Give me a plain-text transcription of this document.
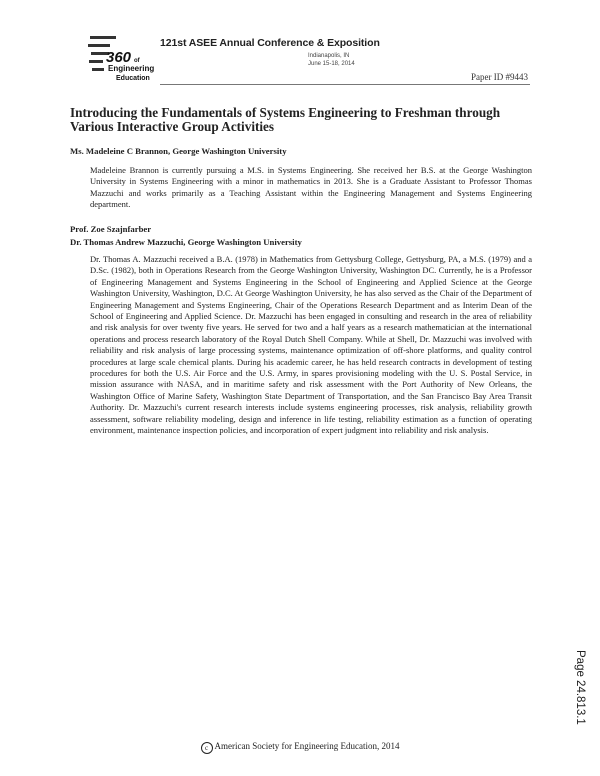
360 of
Engineering
Education
121st ASEE Annual Conference & Exposition
Indianapolis, IN
June 15-18, 2014
Paper ID #9443
Introducing the Fundamentals of Systems Engineering to Freshman through Various Interactive Group Activities
Ms. Madeleine C Brannon, George Washington University

Madeleine Brannon is currently pursuing a M.S. in Systems Engineering. She received her B.S. at the George Washington University in Systems Engineering with a minor in mathematics in 2013. She is a Graduate Assistant to Professor Thomas Mazzuchi and works primarily as a Teaching Assistant within the Engineering Management and Systems Engineering department.

Prof. Zoe Szajnfarber
Dr. Thomas Andrew Mazzuchi, George Washington University

Dr. Thomas A. Mazzuchi received a B.A. (1978) in Mathematics from Gettysburg College, Gettysburg, PA, a M.S. (1979) and a D.Sc. (1982), both in Operations Research from the George Washington University, Washington DC. Currently, he is a Professor of Engineering Management and Systems Engineering in the School of Engineering and Applied Science at the George Washington University, Washington, D.C. At George Washington University, he has also served as the Chair of the Department of Engineering Management and Systems Engineering, Chair of the Operations Research Department and as Interim Dean of the School of Engineering and Applied Science. Dr. Mazzuchi has been engaged in consulting and research in the area of reliability and risk analysis for over twenty five years. He served for two and a half years as a research mathematician at the international operations and process research laboratory of the Royal Dutch Shell Company. While at Shell, Dr. Mazzuchi was involved with reliability and risk analysis of large processing systems, maintenance optimization of off-shore platforms, and quality control procedures at large scale chemical plants. During his academic career, he has held research contracts in development of testing procedures for both the U.S. Air Force and the U.S. Army, in spares provisioning modeling with the U. S. Postal Service, in mission assurance with NASA, and in maritime safety and risk assessment with the Port Authority of New Orleans, the Washington Office of Marine Safety, Washington State Department of Transportation, and the San Francisco Bay Area Transit Authority. Dr. Mazzuchi's current research interests include systems engineering processes, risk analysis, reliability growth assessment, software reliability modeling, design and inference in life testing, reliability estimation as a function of operating environment, maintenance inspection policies, and incorporation of expert judgment into reliability and risk analysis.

Page 24.813.1
c American Society for Engineering Education, 2014
